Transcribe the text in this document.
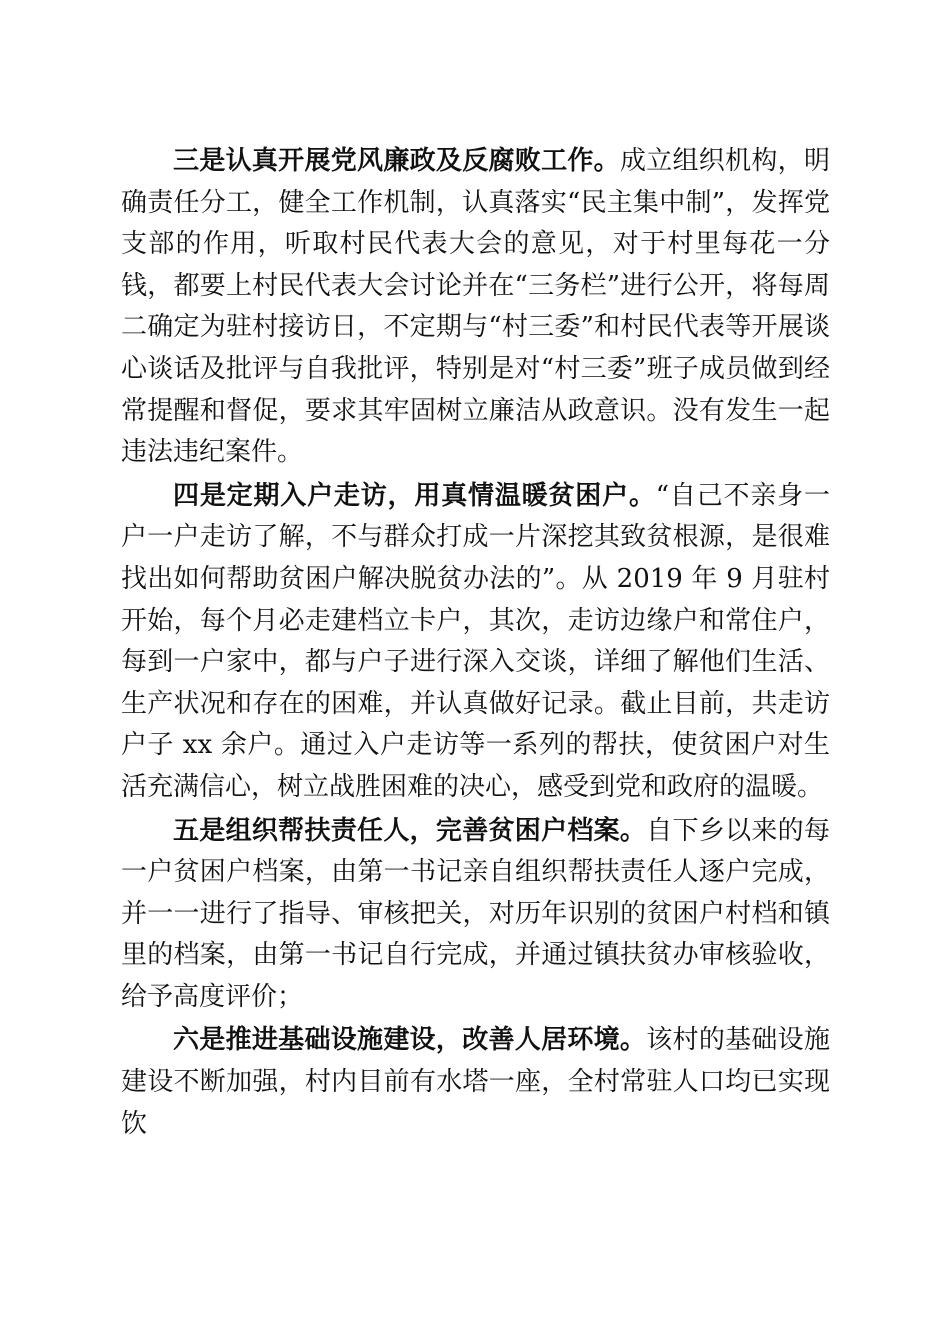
三是认真开展党风廉政及反腐败工作。成立组织机构，明确责任分工，健全工作机制，认真落实“民主集中制”，发挥党支部的作用，听取村民代表大会的意见，对于村里每花一分钱，都要上村民代表大会讨论并在“三务栏”进行公开，将每周二确定为驻村接访日，不定期与“村三委”和村民代表等开展谈心谈话及批评与自我批评，特别是对“村三委”班子成员做到经常提醒和督促，要求其牢固树立廉洁从政意识。没有发生一起违法违纪案件。

四是定期入户走访，用真情温暖贫困户。“自己不亲身一户一户走访了解，不与群众打成一片深挖其致贫根源，是很难找出如何帮助贫困户解决脱贫办法的”。从 2019 年 9 月驻村开始，每个月必走建档立卡户，其次，走访边缘户和常住户，每到一户家中，都与户子进行深入交谈，详细了解他们生活、生产状况和存在的困难，并认真做好记录。截止目前，共走访户子 xx 余户。通过入户走访等一系列的帮扶，使贫困户对生活充满信心，树立战胜困难的决心，感受到党和政府的温暖。

五是组织帮扶责任人，完善贫困户档案。自下乡以来的每一户贫困户档案，由第一书记亲自组织帮扶责任人逐户完成，并一一进行了指导、审核把关，对历年识别的贫困户村档和镇里的档案，由第一书记自行完成，并通过镇扶贫办审核验收，给予高度评价；

六是推进基础设施建设，改善人居环境。该村的基础设施建设不断加强，村内目前有水塔一座，全村常驻人口均已实现饮
